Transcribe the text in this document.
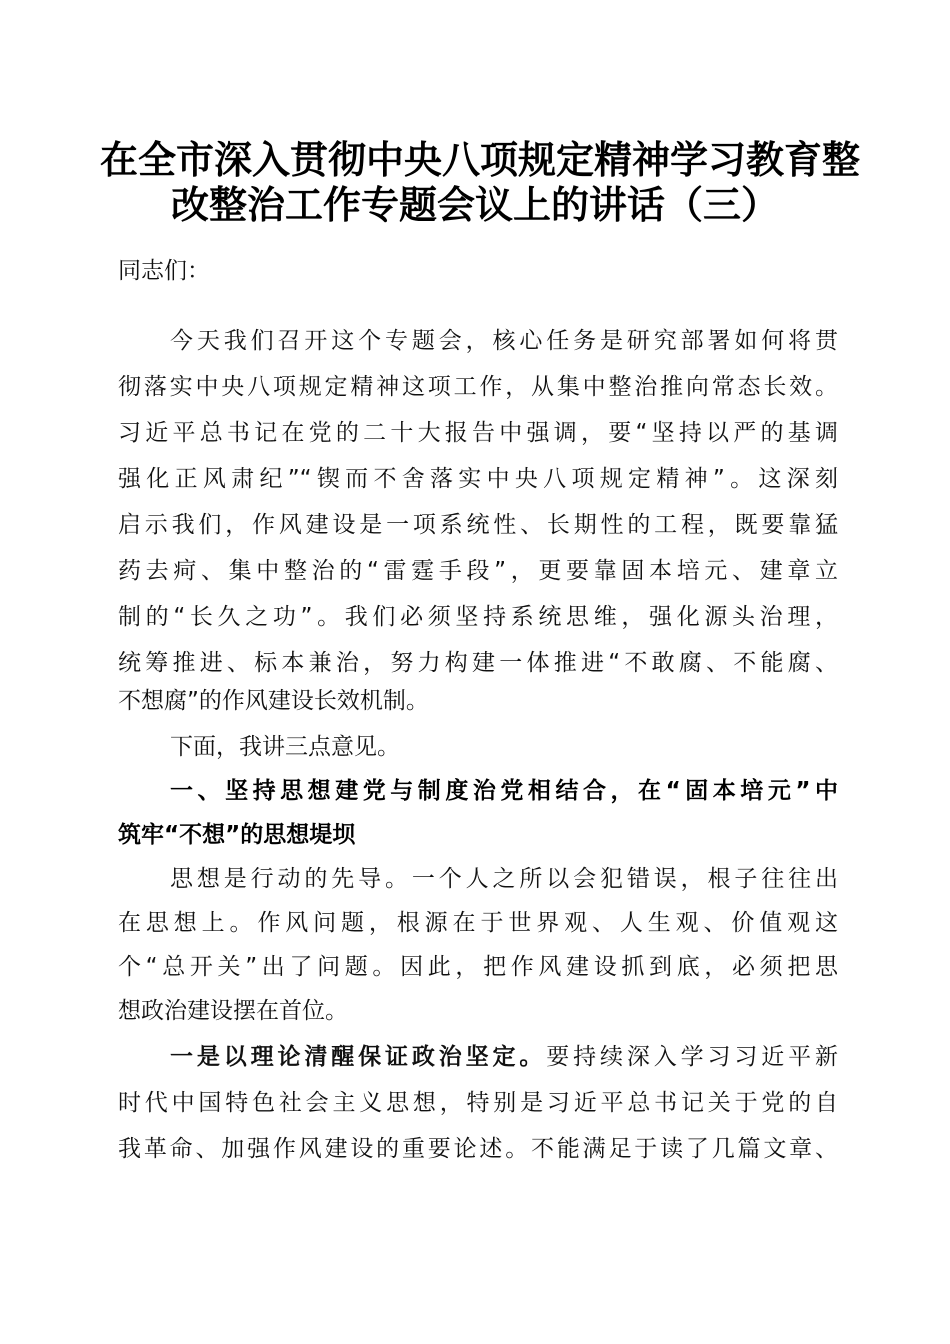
在全市深入贯彻中央八项规定精神学习教育整
改整治工作专题会议上的讲话（三）
同志们：
今天我们召开这个专题会，核心任务是研究部署如何将贯
彻落实中央八项规定精神这项工作，从集中整治推向常态长效。
习近平总书记在党的二十大报告中强调，要“坚持以严的基调
强化正风肃纪”“锲而不舍落实中央八项规定精神”。这深刻
启示我们，作风建设是一项系统性、长期性的工程，既要靠猛
药去疴、集中整治的“雷霆手段”，更要靠固本培元、建章立
制的“长久之功”。我们必须坚持系统思维，强化源头治理，
统筹推进、标本兼治，努力构建一体推进“不敢腐、不能腐、
不想腐”的作风建设长效机制。
下面，我讲三点意见。
一、坚持思想建党与制度治党相结合，在“固本培元”中
筑牢“不想”的思想堤坝
思想是行动的先导。一个人之所以会犯错误，根子往往出
在思想上。作风问题，根源在于世界观、人生观、价值观这
个“总开关”出了问题。因此，把作风建设抓到底，必须把思
想政治建设摆在首位。
一是以理论清醒保证政治坚定。要持续深入学习习近平新
时代中国特色社会主义思想，特别是习近平总书记关于党的自
我革命、加强作风建设的重要论述。不能满足于读了几篇文章、
